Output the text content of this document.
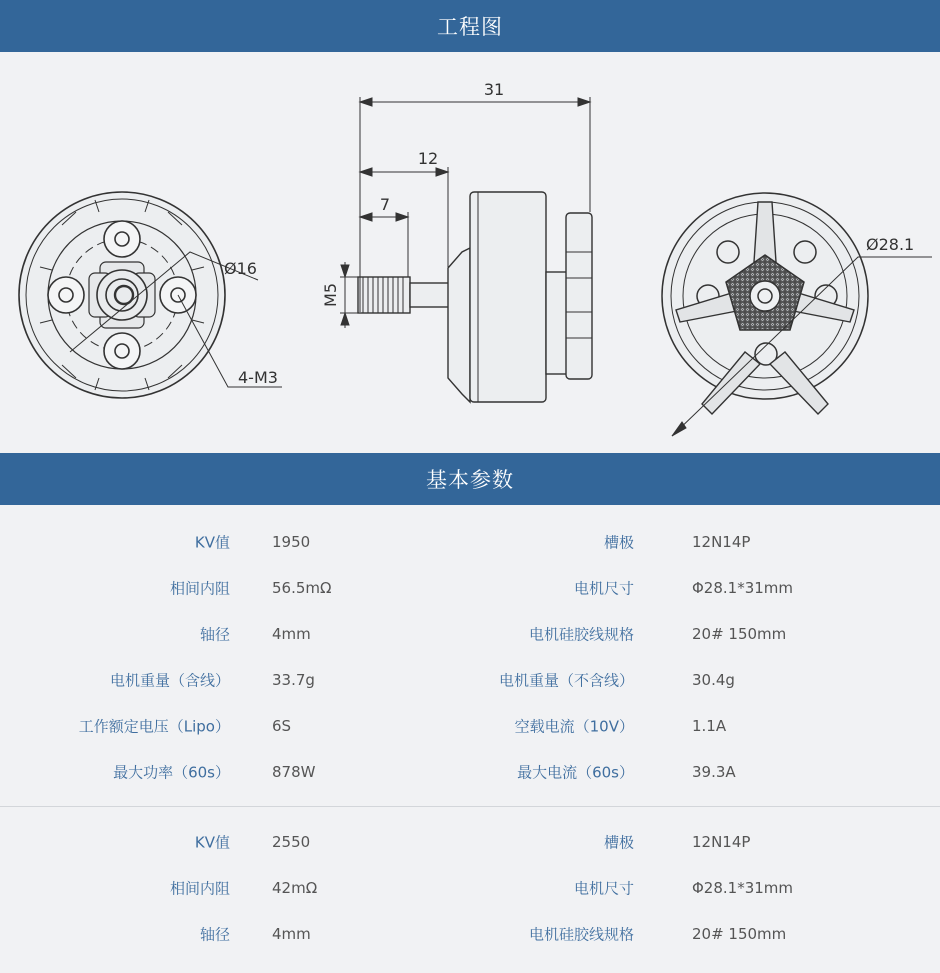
工程图
Ø16
4-M3
31
12
7
M5
Ø28.1
基本参数
KV值	1950	槽极	12N14P
相间内阻	56.5mΩ	电机尺寸	Φ28.1*31mm
轴径	4mm	电机硅胶线规格	20# 150mm
电机重量（含线）	33.7g	电机重量（不含线）	30.4g
工作额定电压（Lipo）	6S	空载电流（10V）	1.1A
最大功率（60s）	878W	最大电流（60s）	39.3A
KV值	2550	槽极	12N14P
相间内阻	42mΩ	电机尺寸	Φ28.1*31mm
轴径	4mm	电机硅胶线规格	20# 150mm
